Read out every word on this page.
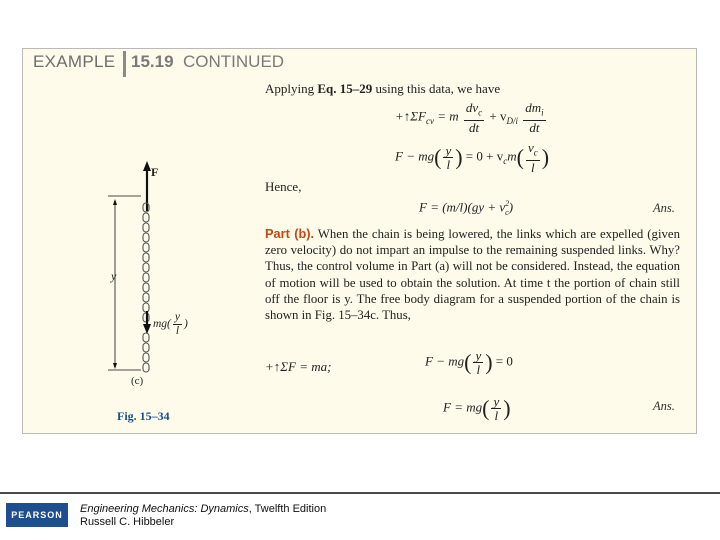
EXAMPLE 15.19 CONTINUED
F
y
$mg( \frac{y}{l}$ )
(c)
Fig. 15–34
Applying Eq. 15–29 using this data, we have
$+↑\Sigma F_{cv} = m \frac{dv_c}{dt} + v_{D/i} \frac{dm_i}{dt}$
$F - mg( \frac{y}{l}$ ) = $0 + v_cm( \frac{v_c}{l}$ )
Hence,
$F = (m/l)(gy + v^2_c)$	Ans.
Part (b). When the chain is being lowered, the links which are expelled (given zero velocity) do not impart an impulse to the remaining suspended links. Why? Thus, the control volume in Part (a) will not be considered. Instead, the equation of motion will be used to obtain the solution. At time t the portion of chain still off the floor is y. The free body diagram for a suspended portion of the chain is shown in Fig. 15–34c. Thus,
+↑ΣF = ma;	$F - mg( \frac{y}{l}$ ) = 0
$F = mg( \frac{y}{l}$ )	Ans.
PEARSON	Engineering Mechanics: Dynamics, Twelfth Edition
Russell C. Hibbeler
